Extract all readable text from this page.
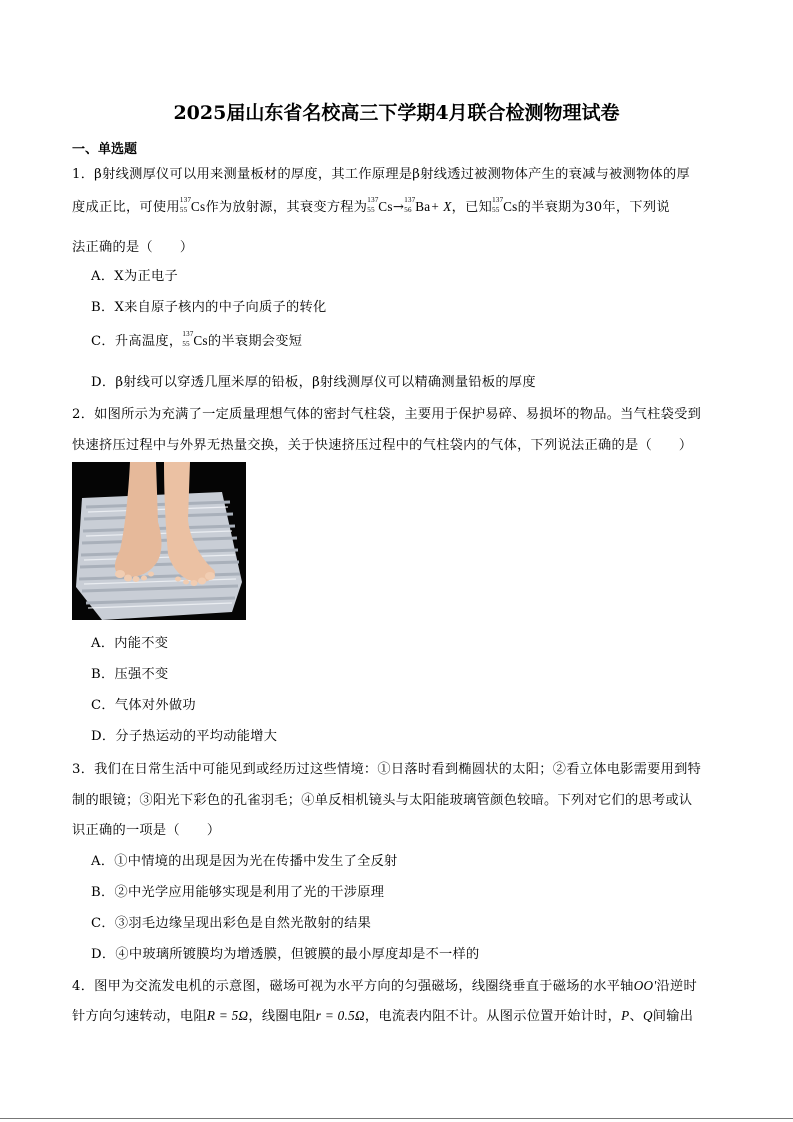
2025届山东省名校高三下学期4月联合检测物理试卷
一、单选题
1．β射线测厚仪可以用来测量板材的厚度，其工作原理是β射线透过被测物体产生的衰减与被测物体的厚
度成正比，可使用 137
55 Cs作为放射源，其衰变方程为 137
55 Cs→ 137
56 Ba+ X，已知 137
55 Cs的半衰期为30年，下列说
法正确的是（　　）
A．X为正电子
B．X来自原子核内的中子向质子的转化
C．升高温度， 137
55 Cs的半衰期会变短
D．β射线可以穿透几厘米厚的铅板，β射线测厚仪可以精确测量铅板的厚度
2．如图所示为充满了一定质量理想气体的密封气柱袋，主要用于保护易碎、易损坏的物品。当气柱袋受到
快速挤压过程中与外界无热量交换，关于快速挤压过程中的气柱袋内的气体，下列说法正确的是（　　）
A．内能不变
B．压强不变
C．气体对外做功
D．分子热运动的平均动能增大
3．我们在日常生活中可能见到或经历过这些情境：①日落时看到椭圆状的太阳；②看立体电影需要用到特
制的眼镜；③阳光下彩色的孔雀羽毛；④单反相机镜头与太阳能玻璃管颜色较暗。下列对它们的思考或认
识正确的一项是（　　）
A．①中情境的出现是因为光在传播中发生了全反射
B．②中光学应用能够实现是利用了光的干涉原理
C．③羽毛边缘呈现出彩色是自然光散射的结果
D．④中玻璃所镀膜均为增透膜，但镀膜的最小厚度却是不一样的
4．图甲为交流发电机的示意图，磁场可视为水平方向的匀强磁场，线圈绕垂直于磁场的水平轴OO'沿逆时
针方向匀速转动，电阻R = 5Ω，线圈电阻r = 0.5Ω，电流表内阻不计。从图示位置开始计时，P、Q间输出
